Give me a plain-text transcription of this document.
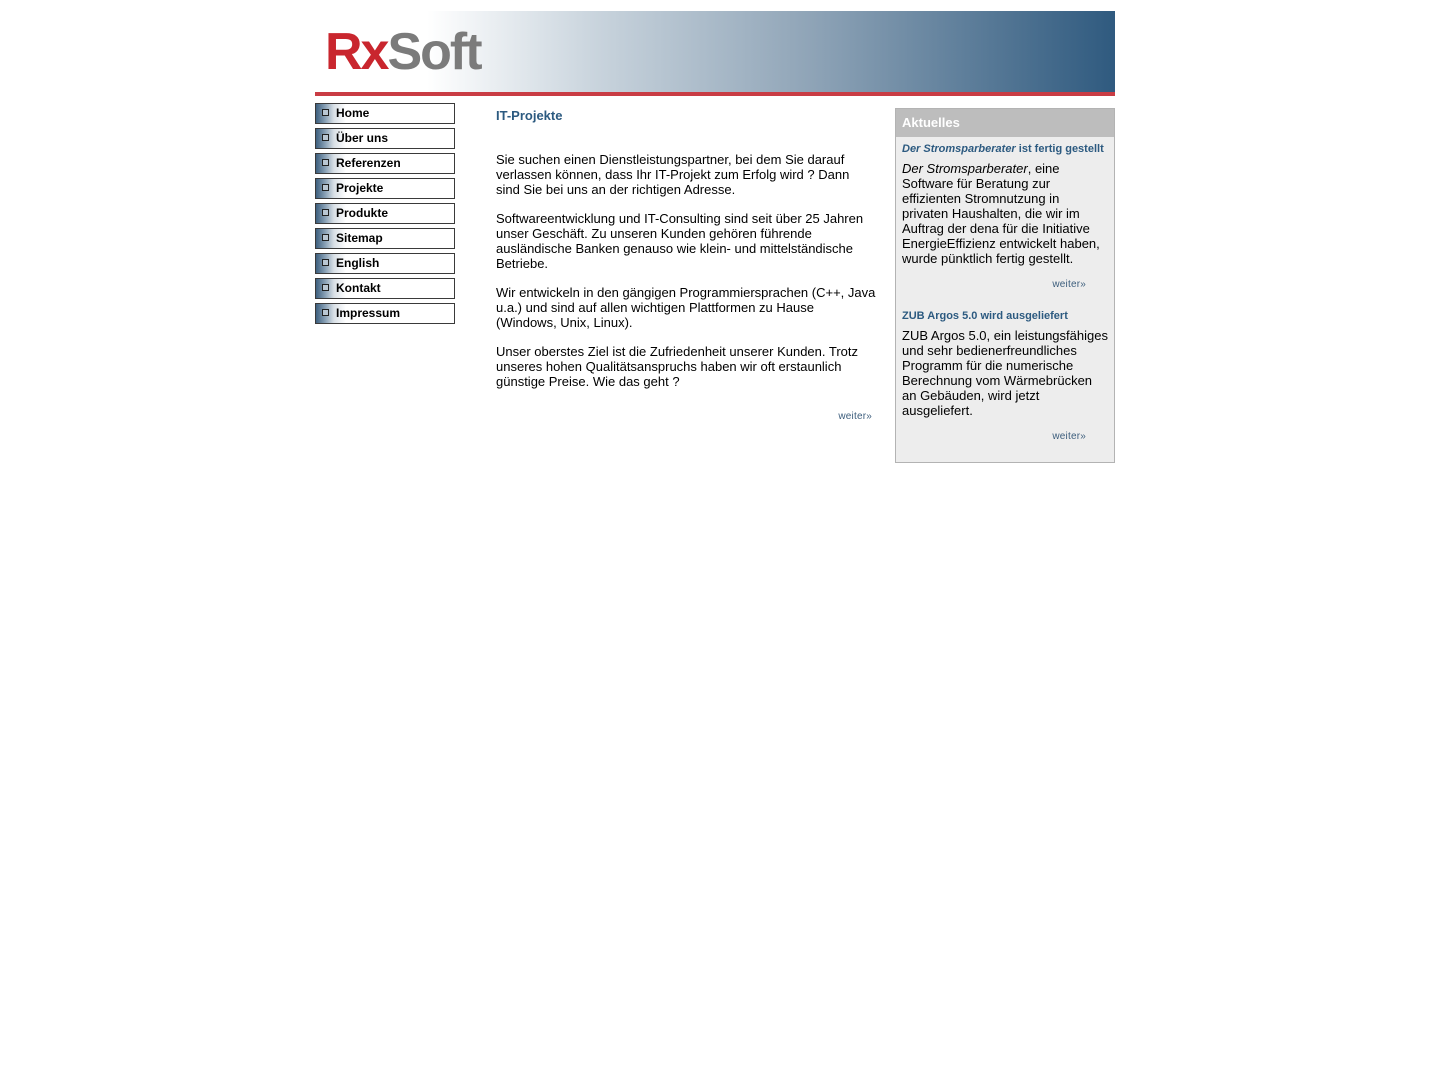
RxSoft
Home
Über uns
Referenzen
Projekte
Produkte
Sitemap
English
Kontakt
Impressum
IT-Projekte

Sie suchen einen Dienstleistungspartner, bei dem Sie darauf verlassen können, dass Ihr IT-Projekt zum Erfolg wird ? Dann sind Sie bei uns an der richtigen Adresse.

Softwareentwicklung und IT-Consulting sind seit über 25 Jahren unser Geschäft. Zu unseren Kunden gehören führende ausländische Banken genauso wie klein- und mittelständische Betriebe.

Wir entwickeln in den gängigen Programmiersprachen (C++, Java u.a.) und sind auf allen wichtigen Plattformen zu Hause (Windows, Unix, Linux).

Unser oberstes Ziel ist die Zufriedenheit unserer Kunden. Trotz unseres hohen Qualitätsanspruchs haben wir oft erstaunlich günstige Preise. Wie das geht ?

weiter»
Aktuelles
Der Stromsparberater ist fertig gestellt
Der Stromsparberater, eine Software für Beratung zur effizienten Stromnutzung in privaten Haushalten, die wir im Auftrag der dena für die Initiative EnergieEffizienz entwickelt haben, wurde pünktlich fertig gestellt.
weiter»
ZUB Argos 5.0 wird ausgeliefert
ZUB Argos 5.0, ein leistungsfähiges und sehr bedienerfreundliches Programm für die numerische Berechnung vom Wärmebrücken an Gebäuden, wird jetzt ausgeliefert.
weiter»
